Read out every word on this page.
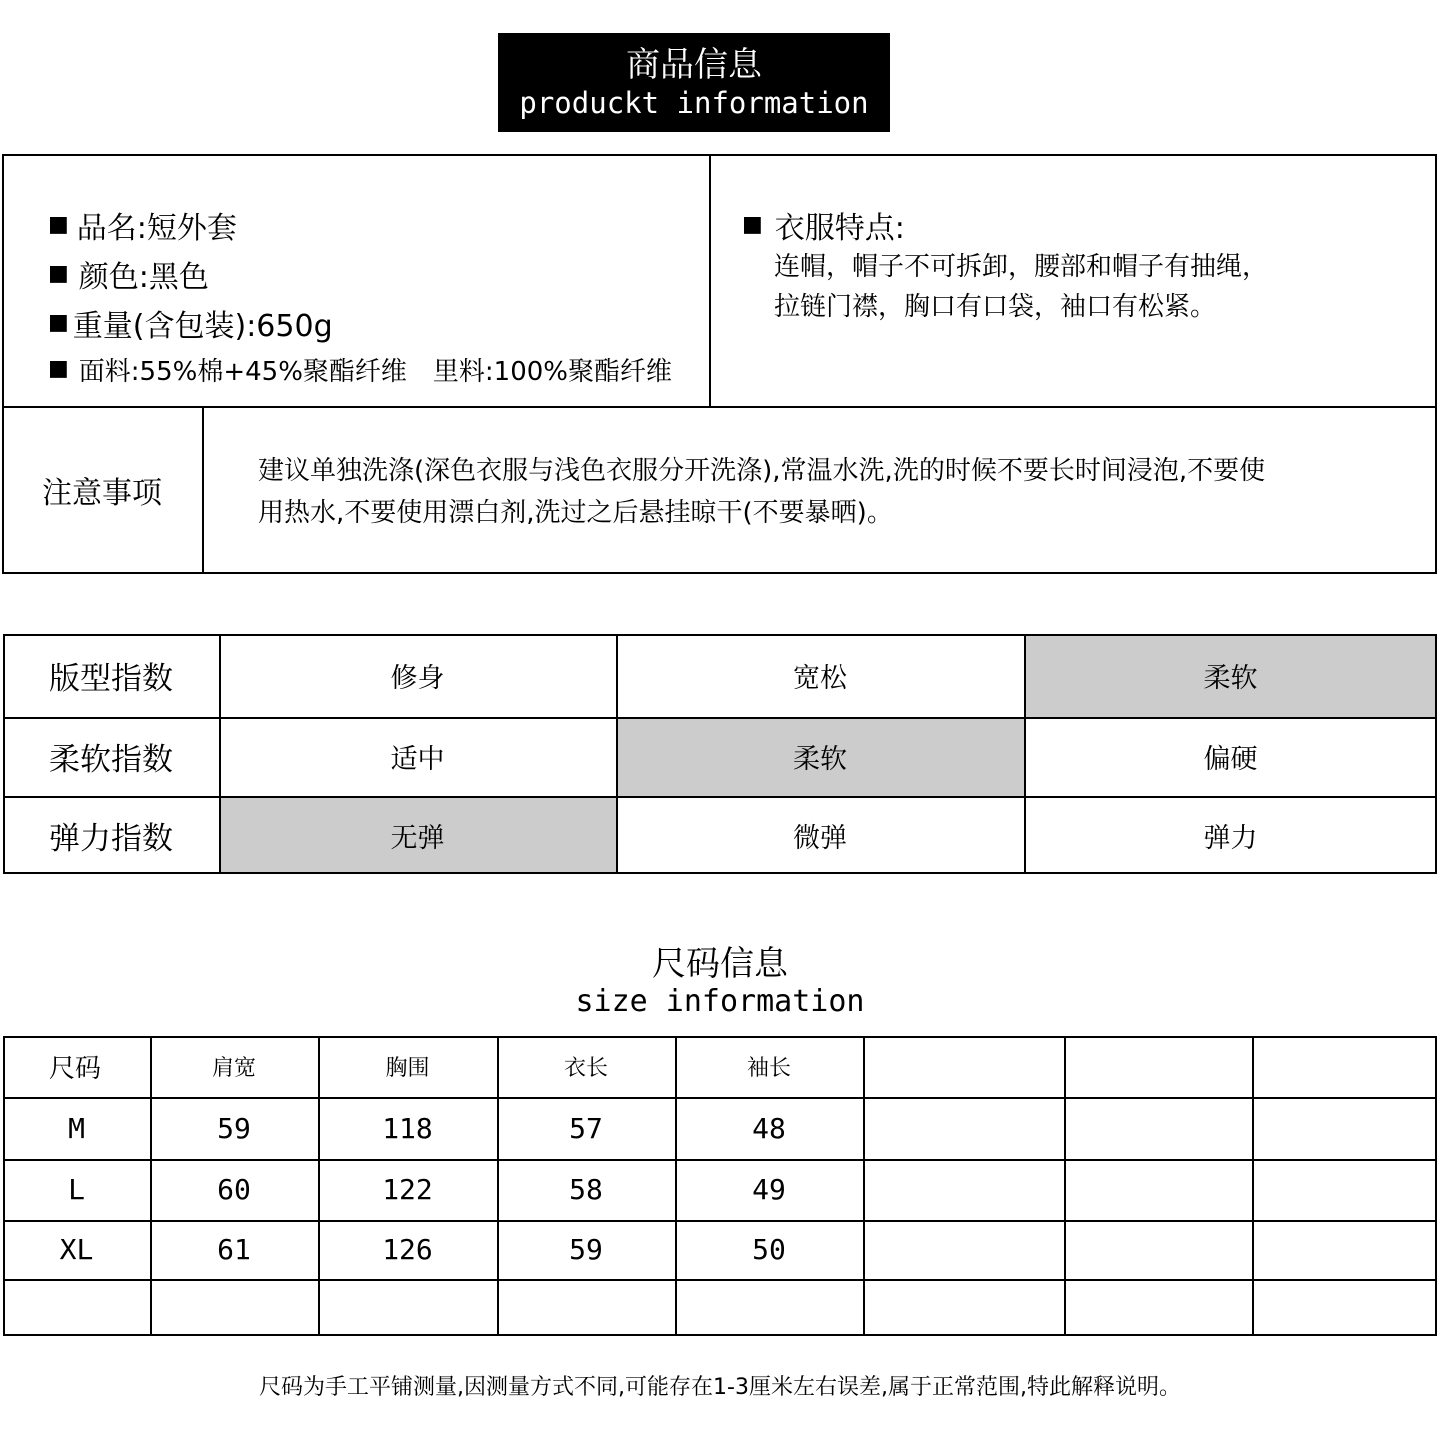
商品信息
produckt information
■ 品名:短外套
■ 颜色:黑色
■ 重量(含包装):650g
■ 面料:55%棉+45%聚酯纤维　里料:100%聚酯纤维
■ 衣服特点:
连帽，帽子不可拆卸，腰部和帽子有抽绳，
拉链门襟，胸口有口袋，袖口有松紧。
注意事项
建议单独洗涤(深色衣服与浅色衣服分开洗涤),常温水洗,洗的时候不要长时间浸泡,不要使
用热水,不要使用漂白剂,洗过之后悬挂晾干(不要暴晒)。
版型指数	修身	宽松	柔软
柔软指数	适中	柔软	偏硬
弹力指数	无弹	微弹	弹力
尺码信息
size information
尺码	肩宽	胸围	衣长	袖长
M	59	118	57	48
L	60	122	58	49
XL	61	126	59	50
尺码为手工平铺测量,因测量方式不同,可能存在1-3厘米左右误差,属于正常范围,特此解释说明。
